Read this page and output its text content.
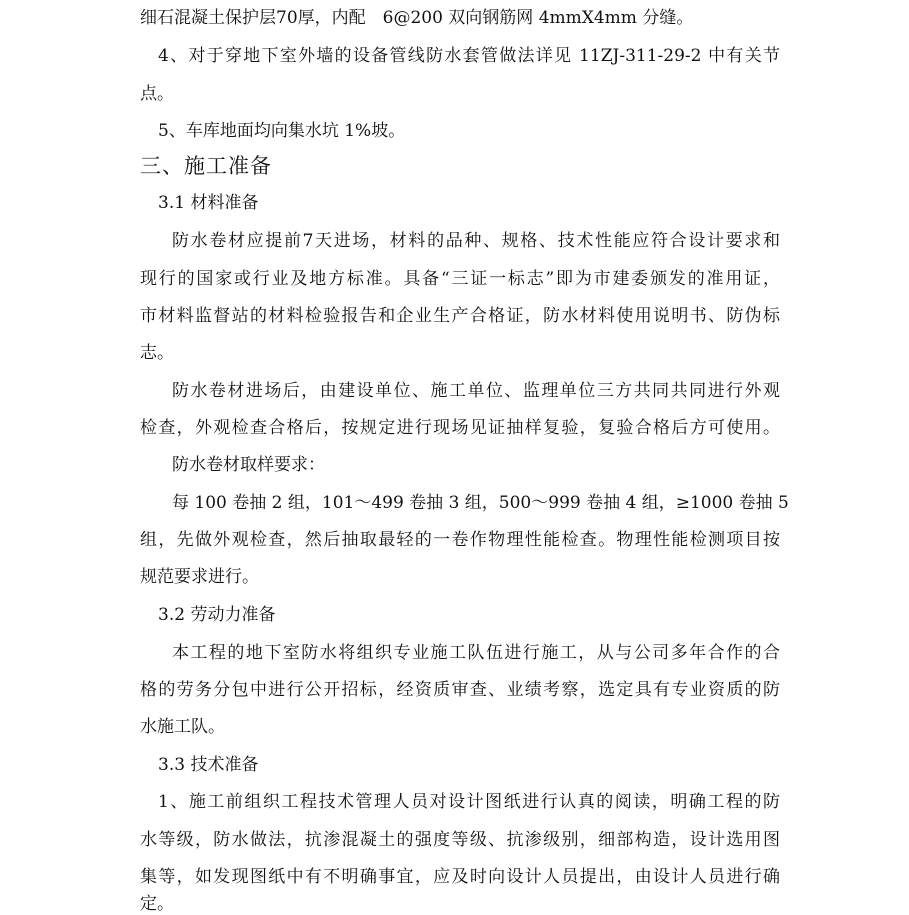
细石混凝土保护层70厚，内配　6@200 双向钢筋网 4mmX4mm 分缝。
4、对于穿地下室外墙的设备管线防水套管做法详见 11ZJ-311-29-2 中有关节
点。
5、车库地面均向集水坑 1%坡。
三、施工准备
3.1 材料准备
防水卷材应提前7天进场，材料的品种、规格、技术性能应符合设计要求和
现行的国家或行业及地方标准。具备“三证一标志”即为市建委颁发的准用证，
市材料监督站的材料检验报告和企业生产合格证，防水材料使用说明书、防伪标
志。
防水卷材进场后，由建设单位、施工单位、监理单位三方共同共同进行外观
检查，外观检查合格后，按规定进行现场见证抽样复验，复验合格后方可使用。
防水卷材取样要求：
每 100 卷抽 2 组，101～499 卷抽 3 组，500～999 卷抽 4 组，≥1000 卷抽 5
组，先做外观检查，然后抽取最轻的一卷作物理性能检查。物理性能检测项目按
规范要求进行。
3.2 劳动力准备
本工程的地下室防水将组织专业施工队伍进行施工，从与公司多年合作的合
格的劳务分包中进行公开招标，经资质审查、业绩考察，选定具有专业资质的防
水施工队。
3.3 技术准备
1、施工前组织工程技术管理人员对设计图纸进行认真的阅读，明确工程的防
水等级，防水做法，抗渗混凝土的强度等级、抗渗级别，细部构造，设计选用图
集等，如发现图纸中有不明确事宜，应及时向设计人员提出，由设计人员进行确
定。
